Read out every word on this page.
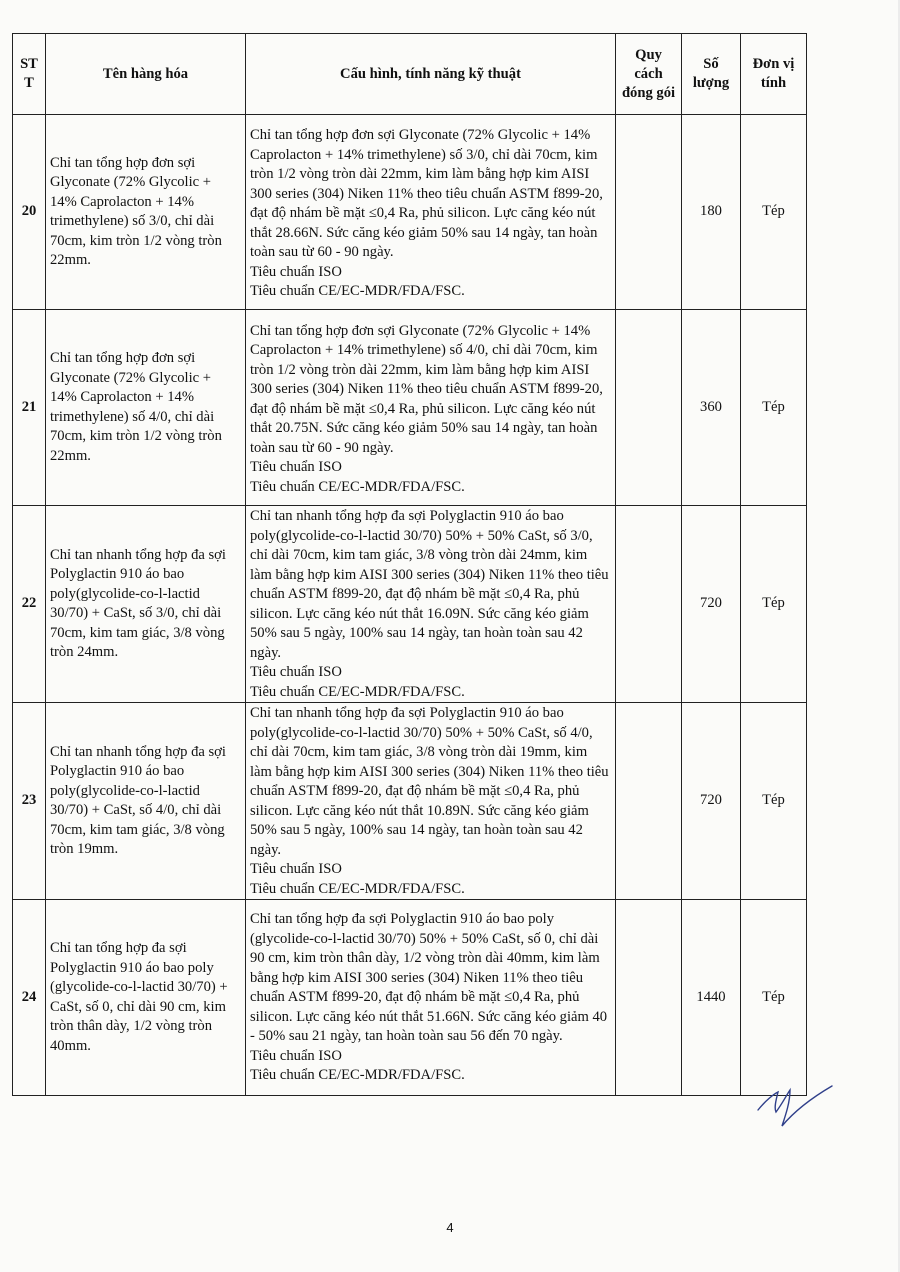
ST T	Tên hàng hóa	Cấu hình, tính năng kỹ thuật	Quy cách đóng gói	Số lượng	Đơn vị tính
20	Chỉ tan tổng hợp đơn sợi Glyconate (72% Glycolic + 14% Caprolacton + 14% trimethylene) số 3/0, chỉ dài 70cm, kim tròn 1/2 vòng tròn 22mm.	Chỉ tan tổng hợp đơn sợi Glyconate (72% Glycolic + 14% Caprolacton + 14% trimethylene) số 3/0, chỉ dài 70cm, kim tròn 1/2 vòng tròn dài 22mm, kim làm bằng hợp kim AISI 300 series (304) Niken 11% theo tiêu chuẩn ASTM f899-20, đạt độ nhám bề mặt ≤0,4 Ra, phủ silicon. Lực căng kéo nút thắt 28.66N. Sức căng kéo giảm 50% sau 14 ngày, tan hoàn toàn sau từ 60 - 90 ngày.
Tiêu chuẩn ISO
Tiêu chuẩn CE/EC-MDR/FDA/FSC.		180	Tép
21	Chỉ tan tổng hợp đơn sợi Glyconate (72% Glycolic + 14% Caprolacton + 14% trimethylene) số 4/0, chỉ dài 70cm, kim tròn 1/2 vòng tròn 22mm.	Chỉ tan tổng hợp đơn sợi Glyconate (72% Glycolic + 14% Caprolacton + 14% trimethylene) số 4/0, chỉ dài 70cm, kim tròn 1/2 vòng tròn dài 22mm, kim làm bằng hợp kim AISI 300 series (304) Niken 11% theo tiêu chuẩn ASTM f899-20, đạt độ nhám bề mặt ≤0,4 Ra, phủ silicon. Lực căng kéo nút thắt 20.75N. Sức căng kéo giảm 50% sau 14 ngày, tan hoàn toàn sau từ 60 - 90 ngày.
Tiêu chuẩn ISO
Tiêu chuẩn CE/EC-MDR/FDA/FSC.		360	Tép
22	Chỉ tan nhanh tổng hợp đa sợi Polyglactin 910 áo bao poly(glycolide-co-l-lactid 30/70) + CaSt, số 3/0, chỉ dài 70cm, kim tam giác, 3/8 vòng tròn 24mm.	Chỉ tan nhanh tổng hợp đa sợi Polyglactin 910 áo bao poly(glycolide-co-l-lactid 30/70) 50% + 50% CaSt, số 3/0, chỉ dài 70cm, kim tam giác, 3/8 vòng tròn dài 24mm, kim làm bằng hợp kim AISI 300 series (304) Niken 11% theo tiêu chuẩn ASTM f899-20, đạt độ nhám bề mặt ≤0,4 Ra, phủ silicon. Lực căng kéo nút thắt 16.09N. Sức căng kéo giảm 50% sau 5 ngày, 100% sau 14 ngày, tan hoàn toàn sau 42 ngày.
Tiêu chuẩn ISO
Tiêu chuẩn CE/EC-MDR/FDA/FSC.		720	Tép
23	Chỉ tan nhanh tổng hợp đa sợi Polyglactin 910 áo bao poly(glycolide-co-l-lactid 30/70) + CaSt, số 4/0, chỉ dài 70cm, kim tam giác, 3/8 vòng tròn 19mm.	Chỉ tan nhanh tổng hợp đa sợi Polyglactin 910 áo bao poly(glycolide-co-l-lactid 30/70) 50% + 50% CaSt, số 4/0, chỉ dài 70cm, kim tam giác, 3/8 vòng tròn dài 19mm, kim làm bằng hợp kim AISI 300 series (304) Niken 11% theo tiêu chuẩn ASTM f899-20, đạt độ nhám bề mặt ≤0,4 Ra, phủ silicon. Lực căng kéo nút thắt 10.89N. Sức căng kéo giảm 50% sau 5 ngày, 100% sau 14 ngày, tan hoàn toàn sau 42 ngày.
Tiêu chuẩn ISO
Tiêu chuẩn CE/EC-MDR/FDA/FSC.		720	Tép
24	Chỉ tan tổng hợp đa sợi Polyglactin 910 áo bao poly (glycolide-co-l-lactid 30/70) + CaSt, số 0, chỉ dài 90 cm, kim tròn thân dày, 1/2 vòng tròn 40mm.	Chỉ tan tổng hợp đa sợi Polyglactin 910 áo bao poly (glycolide-co-l-lactid 30/70) 50% + 50% CaSt, số 0, chỉ dài 90 cm, kim tròn thân dày, 1/2 vòng tròn dài 40mm, kim làm bằng hợp kim AISI 300 series (304) Niken 11% theo tiêu chuẩn ASTM f899-20, đạt độ nhám bề mặt ≤0,4 Ra, phủ silicon. Lực căng kéo nút thắt 51.66N. Sức căng kéo giảm 40 - 50% sau 21 ngày, tan hoàn toàn sau 56 đến 70 ngày.
Tiêu chuẩn ISO
Tiêu chuẩn CE/EC-MDR/FDA/FSC.		1440	Tép
4
